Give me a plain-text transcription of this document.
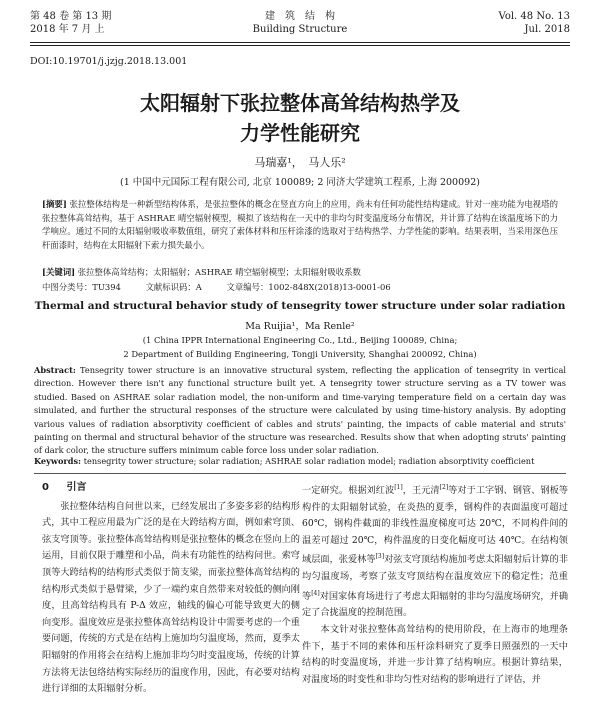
第 48 卷 第 13 期
2018 年 7 月 上
建　筑　结　构
Building Structure
Vol. 48 No. 13
Jul. 2018
DOI:10.19701/j.jzjg.2018.13.001
太阳辐射下张拉整体高耸结构热学及
力学性能研究
马瑞嘉¹，　马人乐²
(1 中国中元国际工程有限公司, 北京 100089; 2 同济大学建筑工程系, 上海 200092)
[摘要] 张拉整体结构是一种新型结构体系，是张拉整体的概念在竖直方向上的应用，尚未有任何功能性结构建成。针对一座功能为电视塔的张拉整体高耸结构，基于 ASHRAE 晴空辐射模型，模拟了该结构在一天中的非均匀时变温度场分布情况，并计算了结构在该温度场下的力学响应。通过不同的太阳辐射吸收率数值组，研究了索体材料和压杆涂漆的选取对于结构热学、力学性能的影响。结果表明，当采用深色压杆面漆时，结构在太阳辐射下索力损失最小。
[关键词] 张拉整体高耸结构；太阳辐射；ASHRAE 晴空辐射模型；太阳辐射吸收系数
中图分类号：TU394	文献标识码：A	文章编号：1002-848X(2018)13-0001-06
Thermal and structural behavior study of tensegrity tower structure under solar radiation
Ma Ruijia¹，Ma Renle²
(1 China IPPR International Engineering Co., Ltd., Beijing 100089, China;
2 Department of Building Engineering, Tongji University, Shanghai 200092, China)
Abstract: Tensegrity tower structure is an innovative structural system, reflecting the application of tensegrity in vertical direction. However there isn't any functional structure built yet. A tensegrity tower structure serving as a TV tower was studied. Based on ASHRAE solar radiation model, the non-uniform and time-varying temperature field on a certain day was simulated, and further the structural responses of the structure were calculated by using time-history analysis. By adopting various values of radiation absorptivity coefficient of cables and struts' painting, the impacts of cable material and struts' painting on thermal and structural behavior of the structure was researched. Results show that when adopting struts' painting of dark color, the structure suffers minimum cable force loss under solar radiation.
Keywords: tensegrity tower structure; solar radiation; ASHRAE solar radiation model; radiation absorptivity coefficient
0 引言

张拉整体结构自问世以来，已经发展出了多姿多彩的结构形式，其中工程应用最为广泛的是在大跨结构方面，例如索穹顶、弦支穹顶等。张拉整体高耸结构则是张拉整体的概念在竖向上的运用，目前仅限于雕塑和小品，尚未有功能性的结构问世。索穹顶等大跨结构的结构形式类似于简支梁，而张拉整体高耸结构的结构形式类似于悬臂梁，少了一端约束自然带来对较低的侧向刚度，且高耸结构具有 P-Δ 效应，轴线的偏心可能导致更大的侧向变形。温度效应是张拉整体高耸结构设计中需要考虑的一个重要问题，传统的方式是在结构上施加均匀温度场，然而，夏季太阳辐射的作用将会在结构上施加非均匀时变温度场，传统的计算方法将无法包络结构实际经历的温度作用，因此，有必要对结构进行详细的太阳辐射分析。

一定研究。根据刘红波[1]，王元清[2]等对于工字钢、钢管、钢板等构件的太阳辐射试验，在炎热的夏季，钢构件的表面温度可超过 60℃，钢构件截面的非线性温度梯度可达 20℃，不同构件间的温差可超过 20℃，构件温度的日变化幅度可达 40℃。在结构领域层面，张爱林等[3]对弦支穹顶结构施加考虑太阳辐射后计算的非均匀温度场，考察了弦支穹顶结构在温度效应下的稳定性；范重等[4]对国家体育场进行了考虑太阳辐射的非均匀温度场研究，并确定了合拢温度的控制范围。

本文针对张拉整体高耸结构的使用阶段，在上海市的地理条件下，基于不同的索体和压杆涂料研究了夏季日照强烈的一天中结构的时变温度场，并进一步计算了结构响应。根据计算结果，对温度场的时变性和非均匀性对结构的影响进行了评估，并
